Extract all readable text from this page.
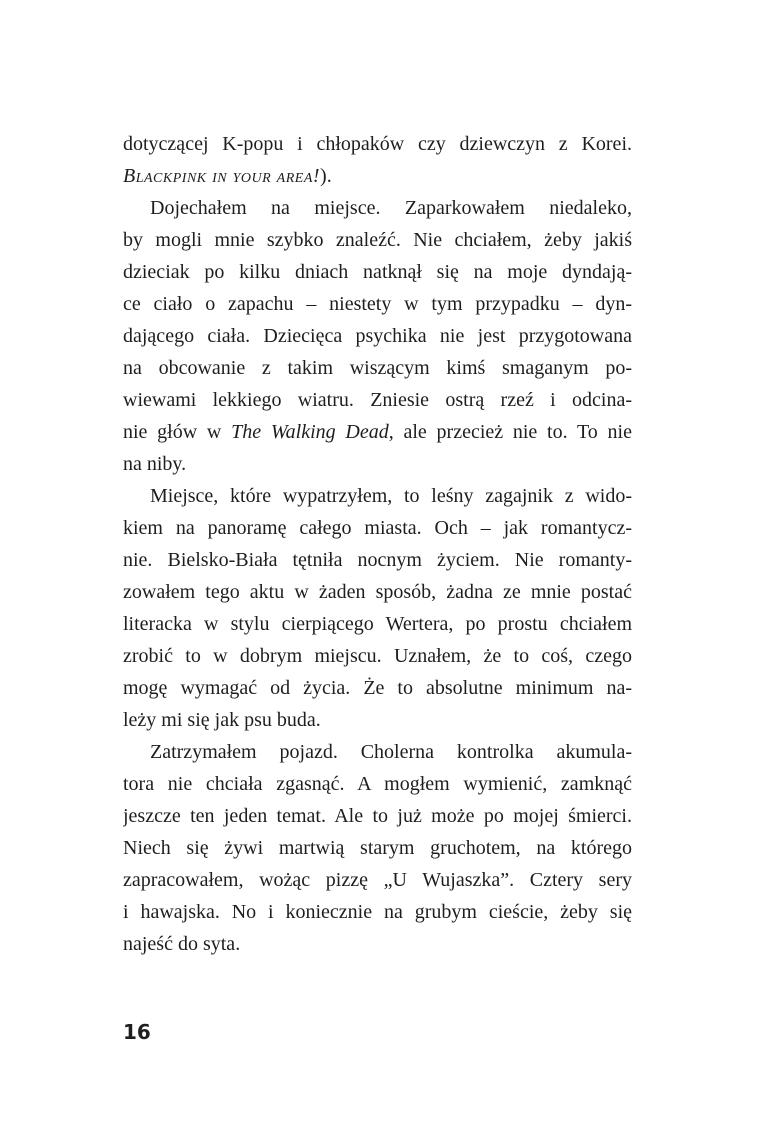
dotyczącej K-popu i chłopaków czy dziewczyn z Korei.
Blackpink in your area!).
Dojechałem na miejsce. Zaparkowałem niedaleko,
by mogli mnie szybko znaleźć. Nie chciałem, żeby jakiś
dzieciak po kilku dniach natknął się na moje dyndają-
ce ciało o zapachu – niestety w tym przypadku – dyn-
dającego ciała. Dziecięca psychika nie jest przygotowana
na obcowanie z takim wiszącym kimś smaganym po-
wiewami lekkiego wiatru. Zniesie ostrą rzeź i odcina-
nie głów w The Walking Dead, ale przecież nie to. To nie
na niby.
Miejsce, które wypatrzyłem, to leśny zagajnik z wido-
kiem na panoramę całego miasta. Och – jak romantycz-
nie. Bielsko-Biała tętniła nocnym życiem. Nie romanty-
zowałem tego aktu w żaden sposób, żadna ze mnie postać
literacka w stylu cierpiącego Wertera, po prostu chciałem
zrobić to w dobrym miejscu. Uznałem, że to coś, czego
mogę wymagać od życia. Że to absolutne minimum na-
leży mi się jak psu buda.
Zatrzymałem pojazd. Cholerna kontrolka akumula-
tora nie chciała zgasnąć. A mogłem wymienić, zamknąć
jeszcze ten jeden temat. Ale to już może po mojej śmierci.
Niech się żywi martwią starym gruchotem, na którego
zapracowałem, wożąc pizzę „U Wujaszka”. Cztery sery
i hawajska. No i koniecznie na grubym cieście, żeby się
najeść do syta.
16
